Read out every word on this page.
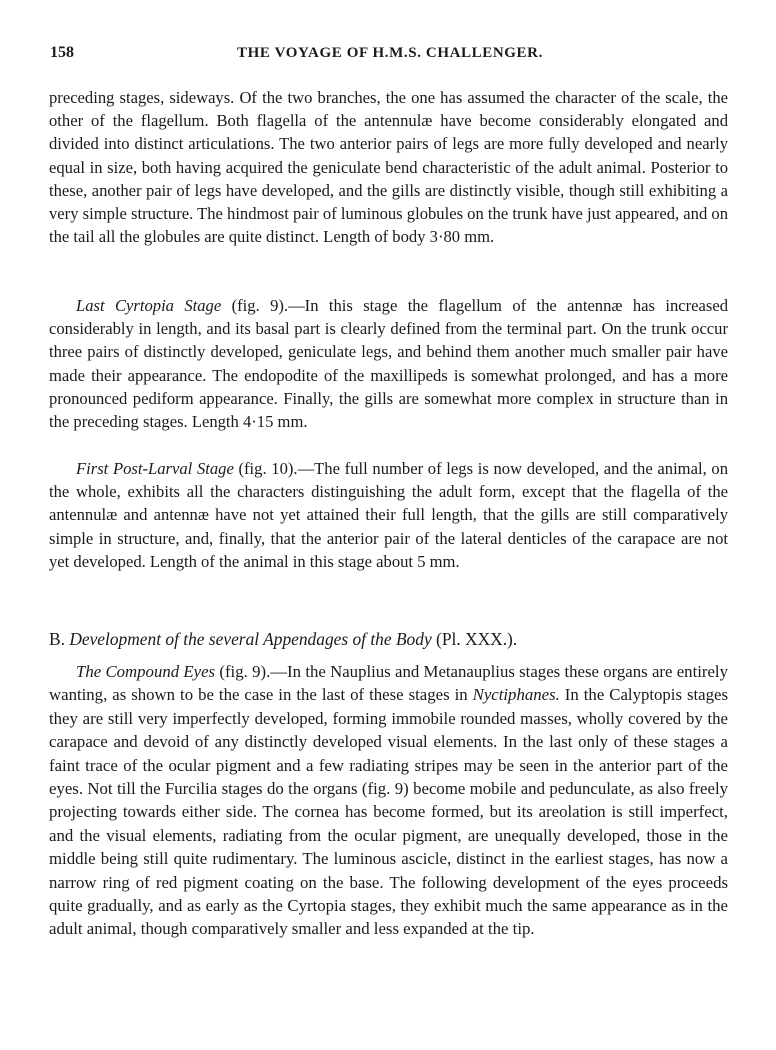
158	THE VOYAGE OF H.M.S. CHALLENGER.

preceding stages, sideways. Of the two branches, the one has assumed the character of the scale, the other of the flagellum. Both flagella of the antennulæ have become considerably elongated and divided into distinct articulations. The two anterior pairs of legs are more fully developed and nearly equal in size, both having acquired the geniculate bend characteristic of the adult animal. Posterior to these, another pair of legs have developed, and the gills are distinctly visible, though still exhibiting a very simple structure. The hindmost pair of luminous globules on the trunk have just appeared, and on the tail all the globules are quite distinct. Length of body 3·80 mm.

Last Cyrtopia Stage (fig. 9).—In this stage the flagellum of the antennæ has increased considerably in length, and its basal part is clearly defined from the terminal part. On the trunk occur three pairs of distinctly developed, geniculate legs, and behind them another much smaller pair have made their appearance. The endopodite of the maxillipeds is somewhat prolonged, and has a more pronounced pediform appearance. Finally, the gills are somewhat more complex in structure than in the preceding stages. Length 4·15 mm.

First Post-Larval Stage (fig. 10).—The full number of legs is now developed, and the animal, on the whole, exhibits all the characters distinguishing the adult form, except that the flagella of the antennulæ and antennæ have not yet attained their full length, that the gills are still comparatively simple in structure, and, finally, that the anterior pair of the lateral denticles of the carapace are not yet developed. Length of the animal in this stage about 5 mm.

B. Development of the several Appendages of the Body (Pl. XXX.).

The Compound Eyes (fig. 9).—In the Nauplius and Metanauplius stages these organs are entirely wanting, as shown to be the case in the last of these stages in Nyctiphanes. In the Calyptopis stages they are still very imperfectly developed, forming immobile rounded masses, wholly covered by the carapace and devoid of any distinctly developed visual elements. In the last only of these stages a faint trace of the ocular pigment and a few radiating stripes may be seen in the anterior part of the eyes. Not till the Furcilia stages do the organs (fig. 9) become mobile and pedunculate, as also freely projecting towards either side. The cornea has become formed, but its areolation is still imperfect, and the visual elements, radiating from the ocular pigment, are unequally developed, those in the middle being still quite rudimentary. The luminous ascicle, distinct in the earliest stages, has now a narrow ring of red pigment coating on the base. The following development of the eyes proceeds quite gradually, and as early as the Cyrtopia stages, they exhibit much the same appearance as in the adult animal, though comparatively smaller and less expanded at the tip.
